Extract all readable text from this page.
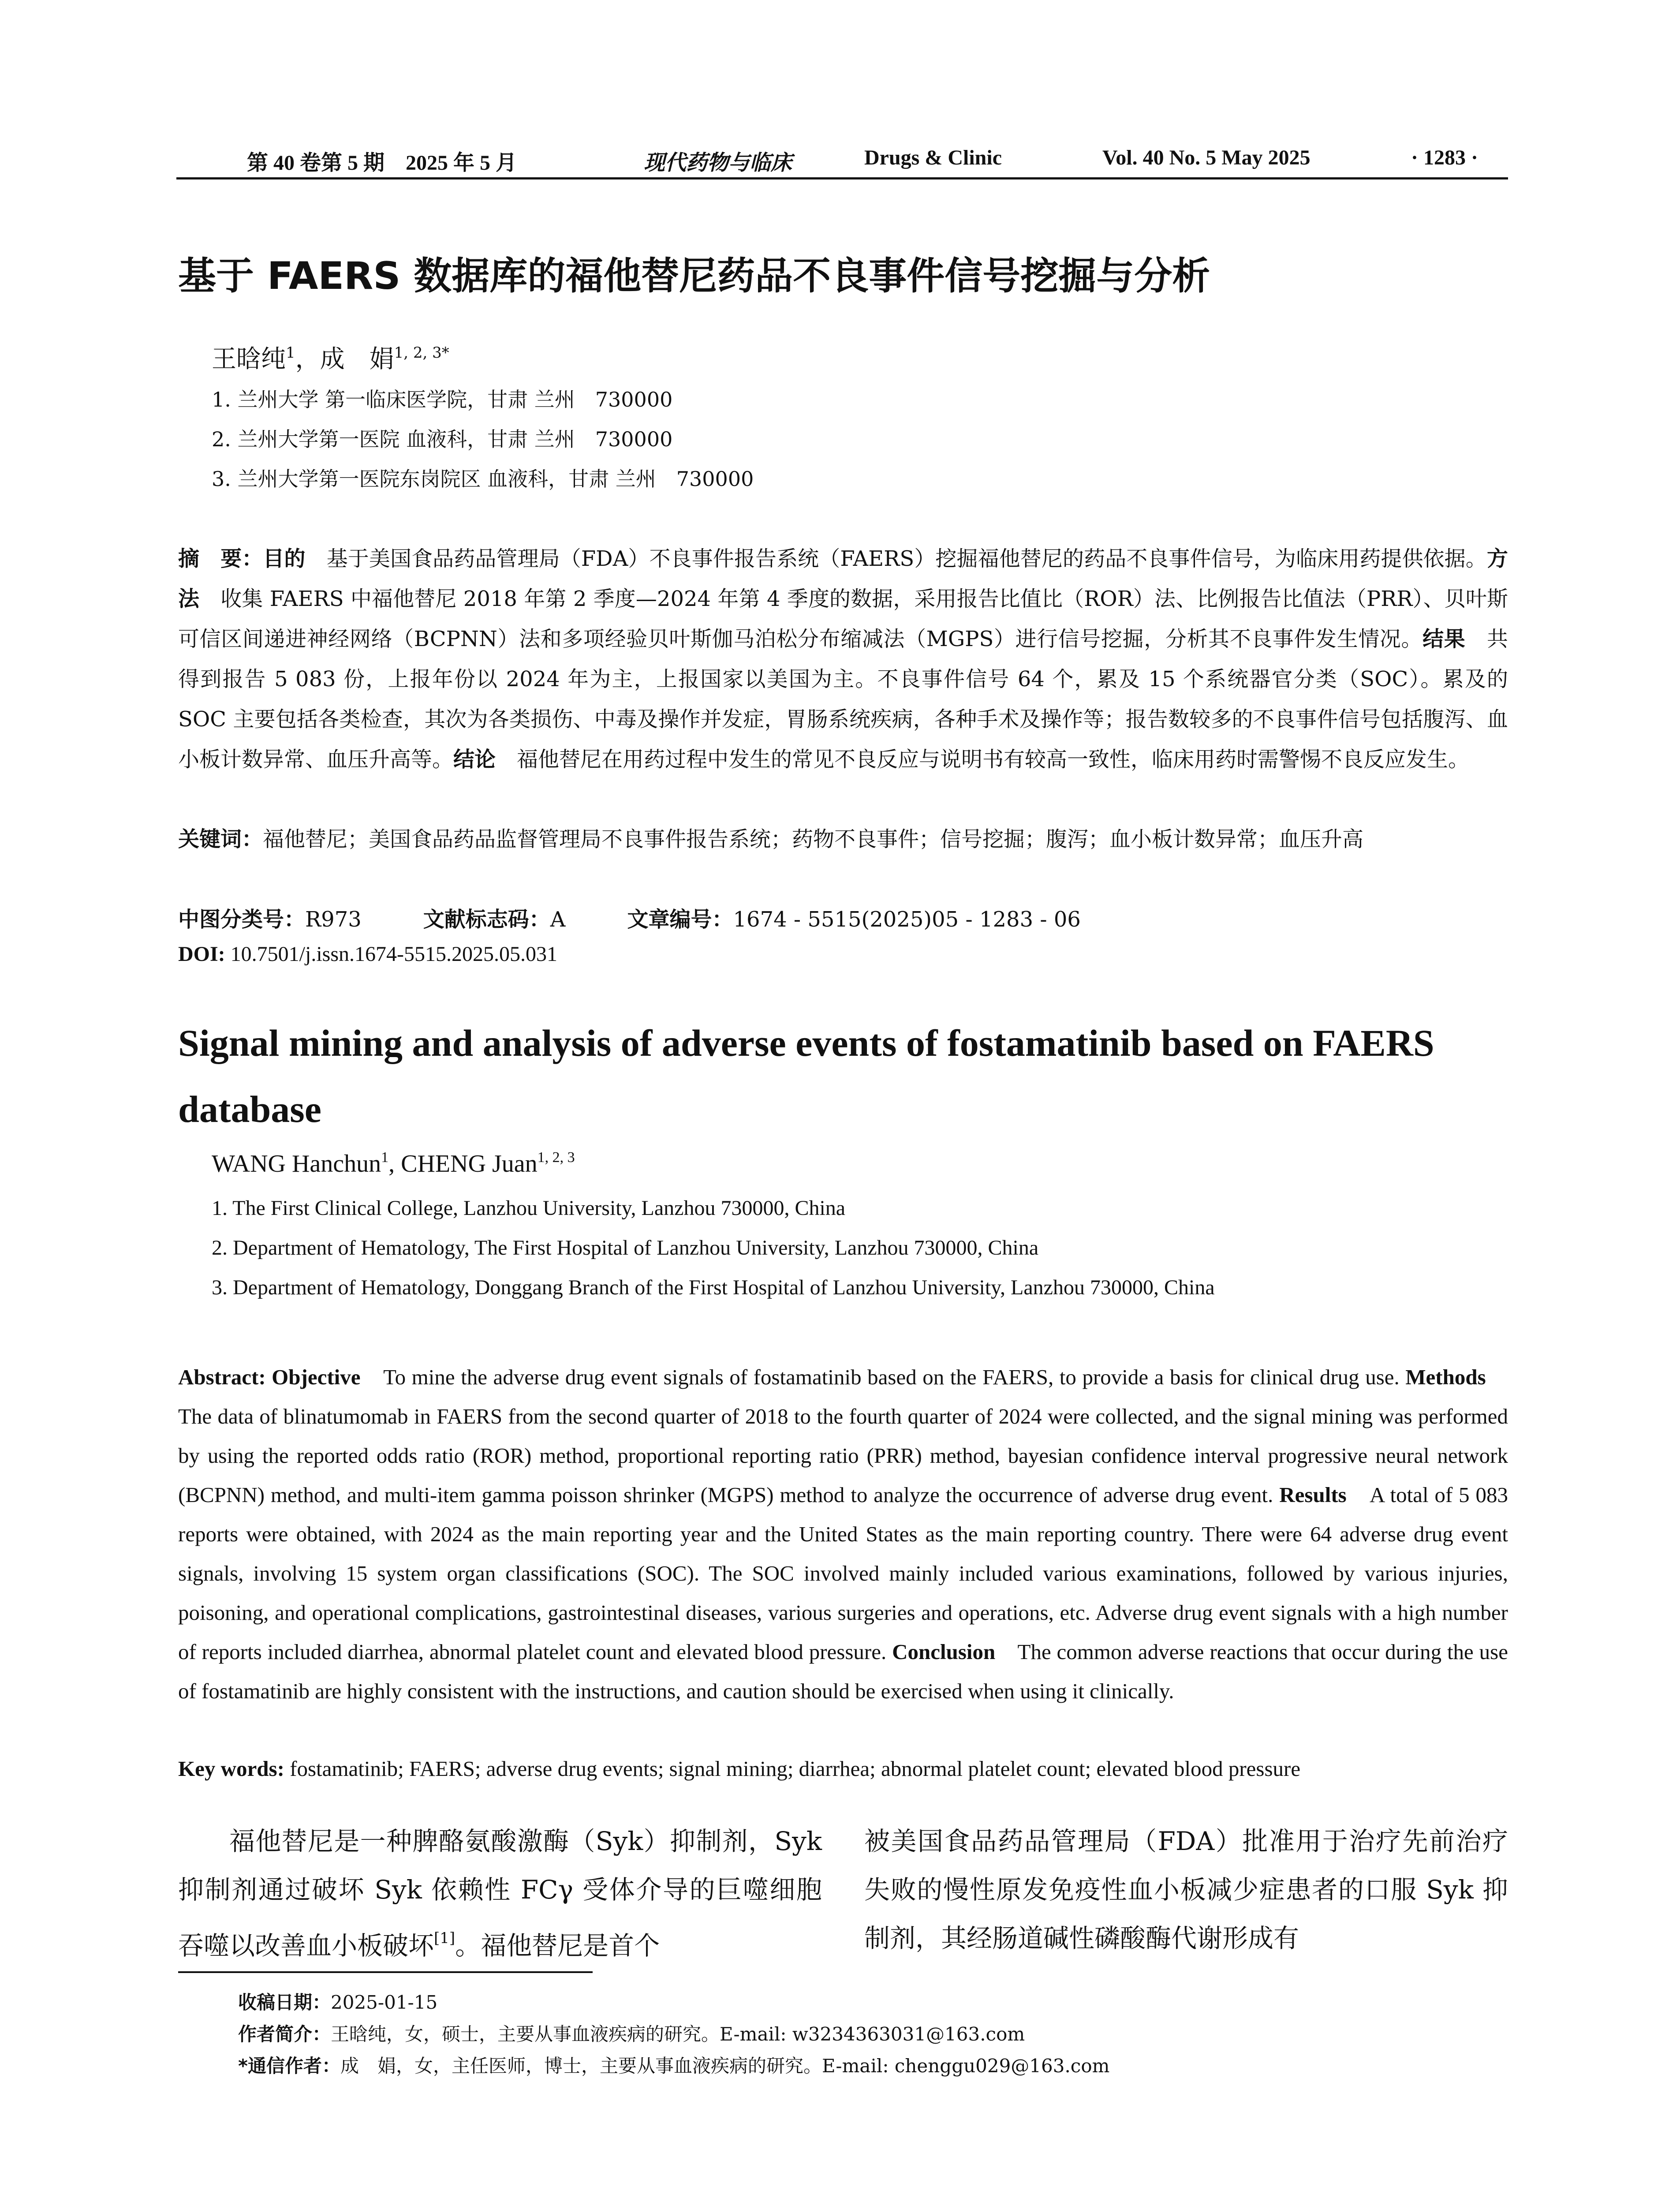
第 40 卷第 5 期　2025 年 5 月	现代药物与临床	Drugs & Clinic	Vol. 40 No. 5 May 2025	· 1283 ·
基于 FAERS 数据库的福他替尼药品不良事件信号挖掘与分析
王晗纯$^1$，成　娟$^{1, 2, 3*}$
1. 兰州大学 第一临床医学院，甘肃 兰州　730000
2. 兰州大学第一医院 血液科，甘肃 兰州　730000
3. 兰州大学第一医院东岗院区 血液科，甘肃 兰州　730000
摘　要：目的　基于美国食品药品管理局（FDA）不良事件报告系统（FAERS）挖掘福他替尼的药品不良事件信号，为临床用药提供依据。方法　收集 FAERS 中福他替尼 2018 年第 2 季度—2024 年第 4 季度的数据，采用报告比值比（ROR）法、比例报告比值法（PRR）、贝叶斯可信区间递进神经网络（BCPNN）法和多项经验贝叶斯伽马泊松分布缩减法（MGPS）进行信号挖掘，分析其不良事件发生情况。结果　共得到报告 5 083 份，上报年份以 2024 年为主，上报国家以美国为主。不良事件信号 64 个，累及 15 个系统器官分类（SOC）。累及的 SOC 主要包括各类检查，其次为各类损伤、中毒及操作并发症，胃肠系统疾病，各种手术及操作等；报告数较多的不良事件信号包括腹泻、血小板计数异常、血压升高等。结论　福他替尼在用药过程中发生的常见不良反应与说明书有较高一致性，临床用药时需警惕不良反应发生。
关键词：福他替尼；美国食品药品监督管理局不良事件报告系统；药物不良事件；信号挖掘；腹泻；血小板计数异常；血压升高
中图分类号：R973	文献标志码：A	文章编号：1674 - 5515(2025)05 - 1283 - 06
DOI: 10.7501/j.issn.1674-5515.2025.05.031
Signal mining and analysis of adverse events of fostamatinib based on FAERS database
WANG Hanchun$^1$, CHENG Juan$^{1, 2, 3}$
1. The First Clinical College, Lanzhou University, Lanzhou 730000, China
2. Department of Hematology, The First Hospital of Lanzhou University, Lanzhou 730000, China
3. Department of Hematology, Donggang Branch of the First Hospital of Lanzhou University, Lanzhou 730000, China
Abstract: Objective　To mine the adverse drug event signals of fostamatinib based on the FAERS, to provide a basis for clinical drug use. Methods　The data of blinatumomab in FAERS from the second quarter of 2018 to the fourth quarter of 2024 were collected, and the signal mining was performed by using the reported odds ratio (ROR) method, proportional reporting ratio (PRR) method, bayesian confidence interval progressive neural network (BCPNN) method, and multi-item gamma poisson shrinker (MGPS) method to analyze the occurrence of adverse drug event. Results　A total of 5 083 reports were obtained, with 2024 as the main reporting year and the United States as the main reporting country. There were 64 adverse drug event signals, involving 15 system organ classifications (SOC). The SOC involved mainly included various examinations, followed by various injuries, poisoning, and operational complications, gastrointestinal diseases, various surgeries and operations, etc. Adverse drug event signals with a high number of reports included diarrhea, abnormal platelet count and elevated blood pressure. Conclusion　The common adverse reactions that occur during the use of fostamatinib are highly consistent with the instructions, and caution should be exercised when using it clinically.
Key words: fostamatinib; FAERS; adverse drug events; signal mining; diarrhea; abnormal platelet count; elevated blood pressure
福他替尼是一种脾酪氨酸激酶（Syk）抑制剂，Syk 抑制剂通过破坏 Syk 依赖性 FCγ 受体介导的巨噬细胞吞噬以改善血小板破坏[1]。福他替尼是首个
被美国食品药品管理局（FDA）批准用于治疗先前治疗失败的慢性原发免疫性血小板减少症患者的口服 Syk 抑制剂，其经肠道碱性磷酸酶代谢形成有
收稿日期：2025-01-15
作者简介：王晗纯，女，硕士，主要从事血液疾病的研究。E-mail: w3234363031@163.com
*通信作者：成　娟，女，主任医师，博士，主要从事血液疾病的研究。E-mail: chenggu029@163.com
